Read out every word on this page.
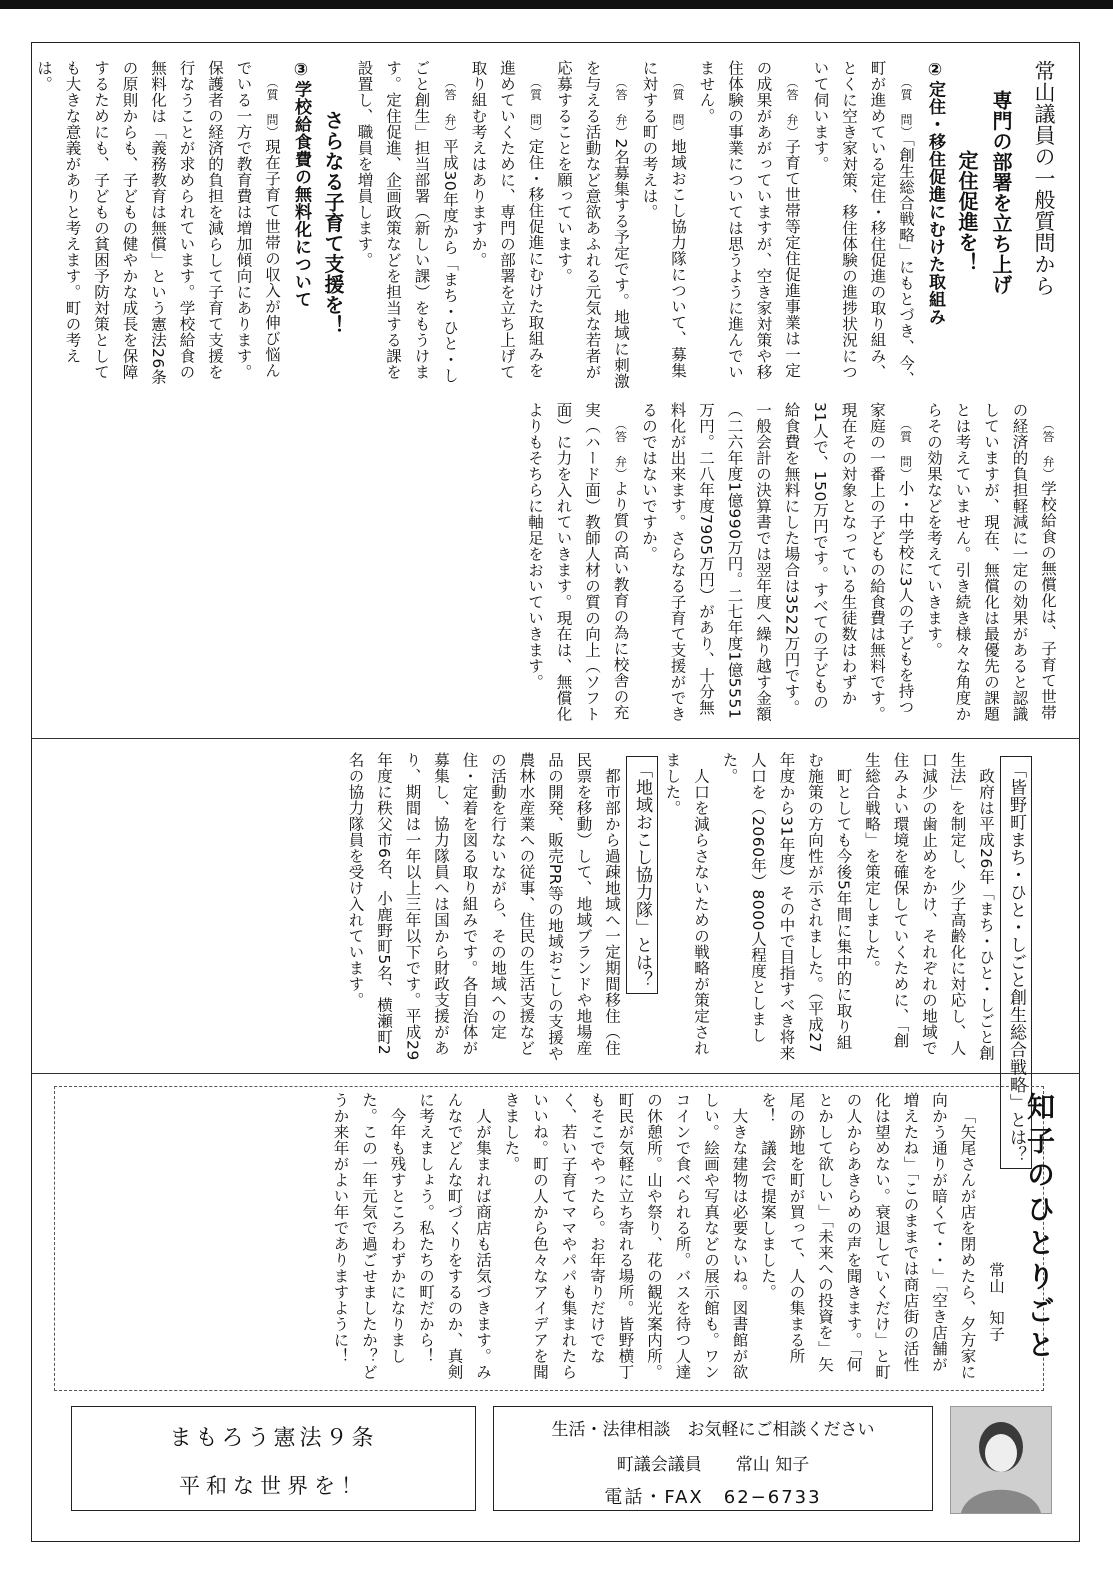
常山議員の一般質問から
専門の部署を立ち上げ
定住促進を！
②定住・移住促進にむけた取組み

（質　問）「創生総合戦略」にもとづき、今、町が進めている定住・移住促進の取り組み、とくに空き家対策、移住体験の進捗状況について伺います。

（答　弁）子育て世帯等定住促進事業は一定の成果があがっていますが、空き家対策や移住体験の事業については思うように進んでいません。

（質　問）地域おこし協力隊について、募集に対する町の考えは。

（答　弁）2名募集する予定です。地域に刺激を与える活動など意欲あふれる元気な若者が応募することを願っています。

（質　問）定住・移住促進にむけた取組みを進めていくために、専門の部署を立ち上げて取り組む考えはありますか。

（答　弁）平成30年度から「まち・ひと・しごと創生」担当部署（新しい課）をもうけます。定住促進、企画政策などを担当する課を設置し、職員を増員します。

さらなる子育て支援を！
③学校給食費の無料化について

（質　問）現在子育て世帯の収入が伸び悩んでいる一方で教育費は増加傾向にあります。保護者の経済的負担を減らして子育て支援を行なうことが求められています。学校給食の無料化は「義務教育は無償」という憲法26条の原則からも、子どもの健やかな成長を保障するためにも、子どもの貧困予防対策としても大きな意義がありと考えます。町の考えは。

（答　弁）学校給食の無償化は、子育て世帯の経済的負担軽減に一定の効果があると認識していますが、現在、無償化は最優先の課題とは考えていません。引き続き様々な角度からその効果などを考えていきます。

（質　問）小・中学校に3人の子どもを持つ家庭の一番上の子どもの給食費は無料です。現在その対象となっている生徒数はわずか31人で、150万円です。すべての子どもの給食費を無料にした場合は3522万円です。一般会計の決算書では翌年度へ繰り越す金額（二六年度1億990万円。二七年度1億5551万円。二八年度7905万円）があり、十分無料化が出来ます。さらなる子育て支援ができるのではないですか。

（答　弁）より質の高い教育の為に校舎の充実（ハード面）教師人材の質の向上（ソフト面）に力を入れていきます。現在は、無償化よりもそちらに軸足をおいていきます。

「皆野町まち・ひと・しごと創生総合戦略」とは？

政府は平成26年「まち・ひと・しごと創生法」を制定し、少子高齢化に対応し、人口減少の歯止めをかけ、それぞれの地域で住みよい環境を確保していくために、「創生総合戦略」を策定しました。

町としても今後5年間に集中的に取り組む施策の方向性が示されました。（平成27年度から31年度）その中で目指すべき将来人口を（2060年）8000人程度としました。

人口を減らさないための戦略が策定されました。

「地域おこし協力隊」とは？

都市部から過疎地域へ一定期間移住（住民票を移動）して、地域ブランドや地場産品の開発、販売PR等の地域おこしの支援や農林水産業への従事、住民の生活支援などの活動を行ないながら、その地域への定住・定着を図る取り組みです。各自治体が募集し、協力隊員へは国から財政支援があり、期間は一年以上三年以下です。平成29年度に秩父市6名、小鹿野町5名、横瀬町2名の協力隊員を受け入れています。

知子のひとりごと

常山　知子

「矢尾さんが店を閉めたら、夕方家に向かう通りが暗くて・・」「空き店舗が増えたね」「このままでは商店街の活性化は望めない。衰退していくだけ」と町の人からあきらめの声を聞きます。「何とかして欲しい」「未来への投資を」矢尾の跡地を町が買って、人の集まる所を！　議会で提案しました。

大きな建物は必要ないね。図書館が欲しい。絵画や写真などの展示館も。ワンコインで食べられる所。バスを待つ人達の休憩所。山や祭り、花の観光案内所。町民が気軽に立ち寄れる場所。皆野横丁もそこでやったら。お年寄りだけでなく、若い子育てママやパパも集まれたらいいね。町の人から色々なアイデアを聞きました。

人が集まれば商店も活気づきます。みんなでどんな町づくりをするのか、真剣に考えましょう。私たちの町だから！

今年も残すところわずかになりました。この一年元気で過ごせましたか？どうか来年がよい年でありますように！

まもろう憲法９条
平和な世界を！
生活・法律相談　お気軽にご相談ください
町議会議員　　常山 知子
電話・FAX　62−6733
